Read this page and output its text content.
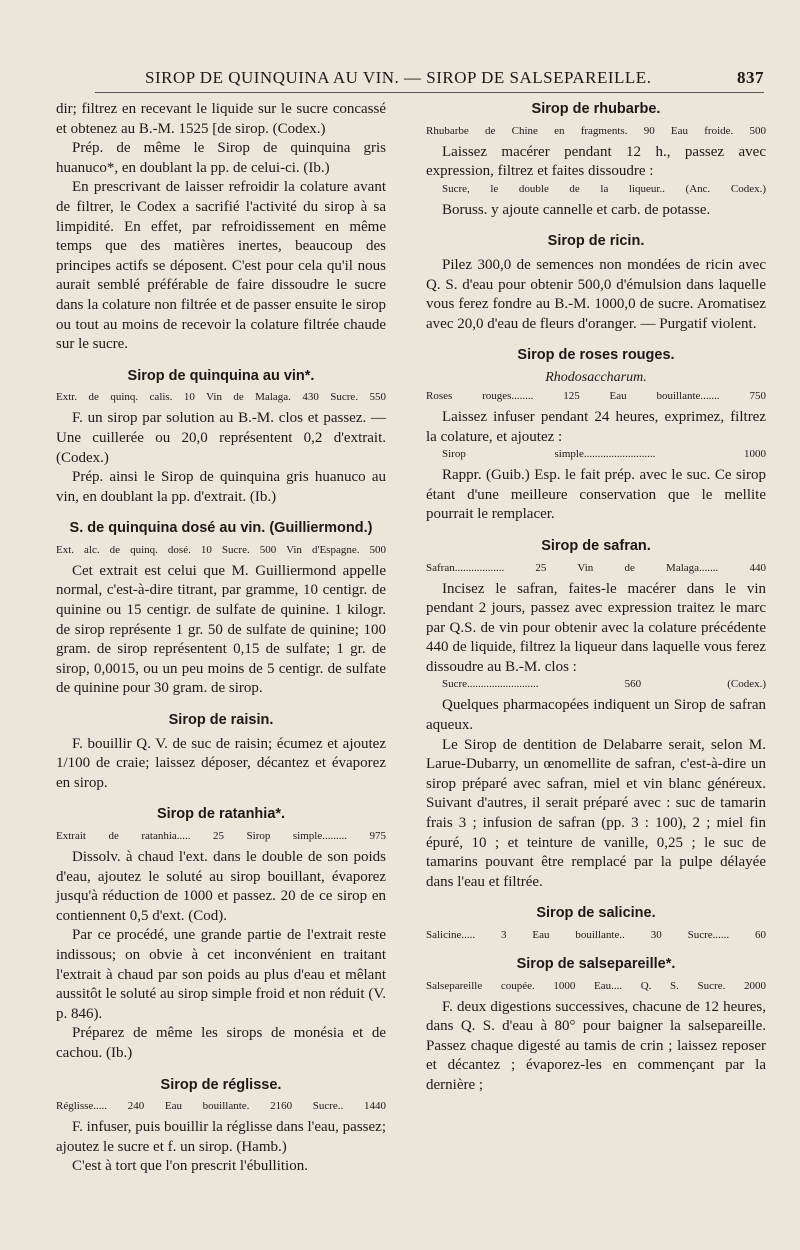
SIROP DE QUINQUINA AU VIN. — SIROP DE SALSEPAREILLE.	837

dir; filtrez en recevant le liquide sur le sucre concassé et obtenez au B.-M. 1525 [de sirop. (Codex.)

Prép. de même le Sirop de quinquina gris huanuco*, en doublant la pp. de celui-ci. (Ib.)

En prescrivant de laisser refroidir la colature avant de filtrer, le Codex a sacrifié l'activité du sirop à sa limpidité. En effet, par refroidissement en même temps que des matières inertes, beaucoup des principes actifs se déposent. C'est pour cela qu'il nous aurait semblé préférable de faire dissoudre le sucre dans la colature non filtrée et de passer ensuite le sirop ou tout au moins de recevoir la colature filtrée chaude sur le sucre.

Sirop de quinquina au vin*.
Extr. de quinq. calis. 10 Vin de Malaga. 430 Sucre. 550

F. un sirop par solution au B.-M. clos et passez. — Une cuillerée ou 20,0 représentent 0,2 d'extrait. (Codex.)

Prép. ainsi le Sirop de quinquina gris huanuco au vin, en doublant la pp. d'extrait. (Ib.)

S. de quinquina dosé au vin. (Guilliermond.)
Ext. alc. de quinq. dosé. 10 Sucre. 500 Vin d'Espagne. 500

Cet extrait est celui que M. Guilliermond appelle normal, c'est-à-dire titrant, par gramme, 10 centigr. de quinine ou 15 centigr. de sulfate de quinine. 1 kilogr. de sirop représente 1 gr. 50 de sulfate de quinine; 100 gram. de sirop représentent 0,15 de sulfate; 1 gr. de sirop, 0,0015, ou un peu moins de 5 centigr. de sulfate de quinine pour 30 gram. de sirop.

Sirop de raisin.

F. bouillir Q. V. de suc de raisin; écumez et ajoutez 1/100 de craie; laissez déposer, décantez et évaporez en sirop.

Sirop de ratanhia*.
Extrait de ratanhia..... 25 Sirop simple......... 975

Dissolv. à chaud l'ext. dans le double de son poids d'eau, ajoutez le soluté au sirop bouillant, évaporez jusqu'à réduction de 1000 et passez. 20 de ce sirop en contiennent 0,5 d'ext. (Cod).

Par ce procédé, une grande partie de l'extrait reste indissous; on obvie à cet inconvénient en traitant l'extrait à chaud par son poids au plus d'eau et mêlant aussitôt le soluté au sirop simple froid et non réduit (V. p. 846).

Préparez de même les sirops de monésia et de cachou. (Ib.)

Sirop de réglisse.
Réglisse..... 240 Eau bouillante. 2160 Sucre.. 1440

F. infuser, puis bouillir la réglisse dans l'eau, passez; ajoutez le sucre et f. un sirop. (Hamb.)

C'est à tort que l'on prescrit l'ébullition.

Sirop de rhubarbe.
Rhubarbe de Chine en fragments. 90 Eau froide. 500

Laissez macérer pendant 12 h., passez avec expression, filtrez et faites dissoudre :

Sucre, le double de la liqueur.. (Anc. Codex.)

Boruss. y ajoute cannelle et carb. de potasse.

Sirop de ricin.

Pilez 300,0 de semences non mondées de ricin avec Q. S. d'eau pour obtenir 500,0 d'émulsion dans laquelle vous ferez fondre au B.-M. 1000,0 de sucre. Aromatisez avec 20,0 d'eau de fleurs d'oranger. — Purgatif violent.

Sirop de roses rouges.
Rhodosaccharum.
Roses rouges........ 125 Eau bouillante....... 750

Laissez infuser pendant 24 heures, exprimez, filtrez la colature, et ajoutez :

Sirop simple.......................... 1000

Rappr. (Guib.) Esp. le fait prép. avec le suc. Ce sirop étant d'une meilleure conservation que le mellite pourrait le remplacer.

Sirop de safran.
Safran.................. 25 Vin de Malaga....... 440

Incisez le safran, faites-le macérer dans le vin pendant 2 jours, passez avec expression traitez le marc par Q.S. de vin pour obtenir avec la colature précédente 440 de liquide, filtrez la liqueur dans laquelle vous ferez dissoudre au B.-M. clos :

Sucre.......................... 560 (Codex.)

Quelques pharmacopées indiquent un Sirop de safran aqueux.

Le Sirop de dentition de Delabarre serait, selon M. Larue-Dubarry, un œnomellite de safran, c'est-à-dire un sirop préparé avec safran, miel et vin blanc généreux. Suivant d'autres, il serait préparé avec : suc de tamarin frais 3 ; infusion de safran (pp. 3 : 100), 2 ; miel fin épuré, 10 ; et teinture de vanille, 0,25 ; le suc de tamarins pouvant être remplacé par la pulpe délayée dans l'eau et filtrée.

Sirop de salicine.
Salicine..... 3 Eau bouillante.. 30 Sucre...... 60
Sirop de salsepareille*.
Salsepareille coupée. 1000 Eau.... Q. S. Sucre. 2000

F. deux digestions successives, chacune de 12 heures, dans Q. S. d'eau à 80° pour baigner la salsepareille. Passez chaque digesté au tamis de crin ; laissez reposer et décantez ; évaporez-les en commençant par la dernière ;
